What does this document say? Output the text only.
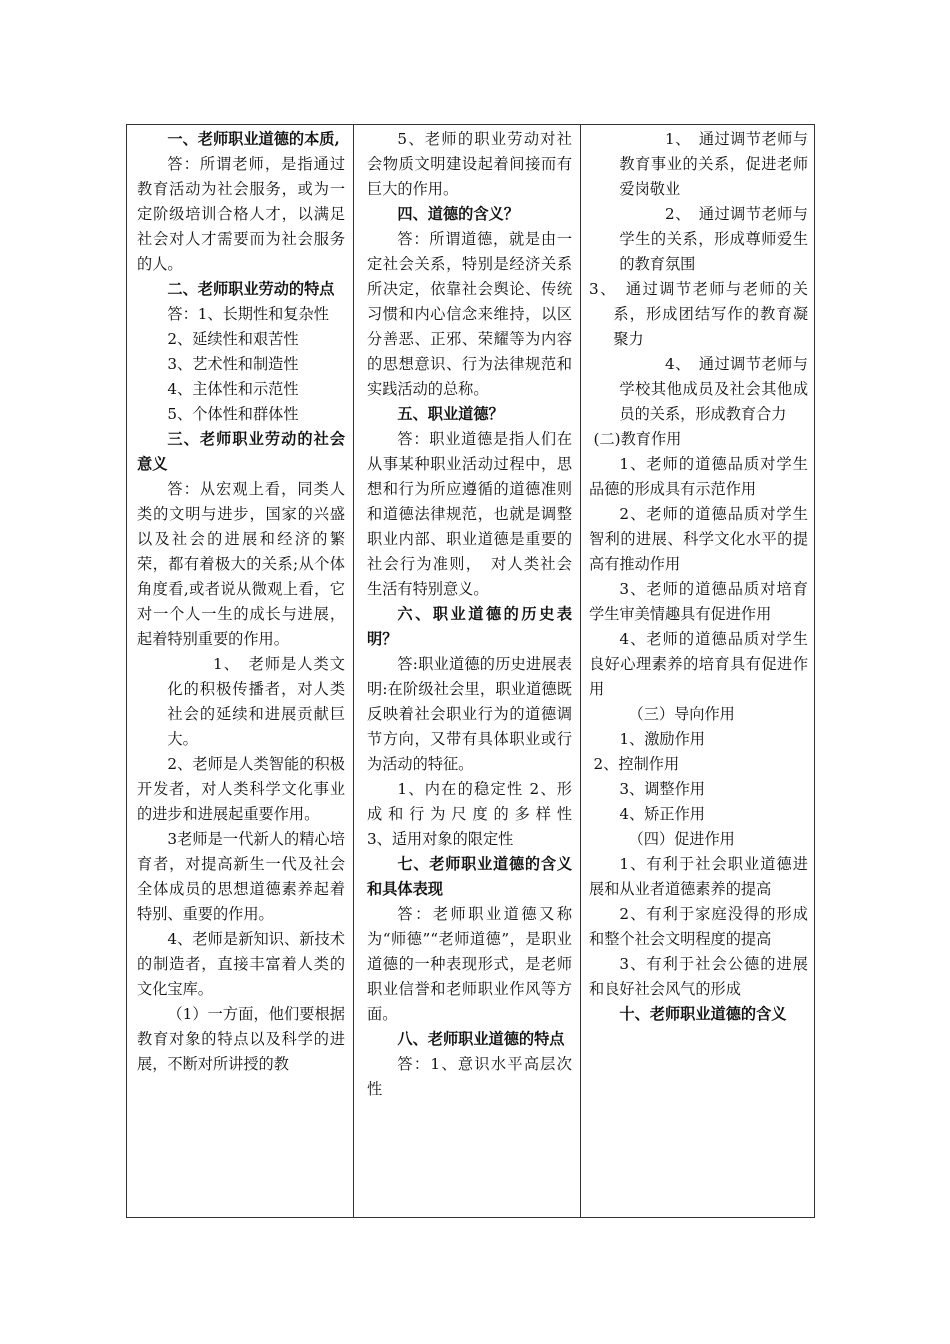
一、老师职业道德的本质,

答：所谓老师，是指通过教育活动为社会服务，或为一定阶级培训合格人才，以满足社会对人才需要而为社会服务的人。

二、老师职业劳动的特点

答：1、长期性和复杂性

2、延续性和艰苦性

3、艺术性和制造性

4、主体性和示范性

5、个体性和群体性

三、老师职业劳动的社会意义

答：从宏观上看，同类人类的文明与进步，国家的兴盛以及社会的进展和经济的繁荣，都有着极大的关系;从个体角度看,或者说从微观上看，它对一个人一生的成长与进展，起着特别重要的作用。

1、　老师是人类文化的积极传播者，对人类社会的延续和进展贡献巨大。

2、老师是人类智能的积极开发者，对人类科学文化事业的进步和进展起重要作用。

3老师是一代新人的精心培育者，对提高新生一代及社会全体成员的思想道德素养起着特别、重要的作用。

4、老师是新知识、新技术的制造者，直接丰富着人类的文化宝库。

（1）一方面，他们要根据教育对象的特点以及科学的进展，不断对所讲授的教

5、老师的职业劳动对社会物质文明建设起着间接而有巨大的作用。

四、道德的含义？

答：所谓道德，就是由一定社会关系，特别是经济关系所决定，依靠社会舆论、传统习惯和内心信念来维持，以区分善恶、正邪、荣耀等为内容的思想意识、行为法律规范和实践活动的总称。

五、职业道德？

答：职业道德是指人们在从事某种职业活动过程中，思想和行为所应遵循的道德准则和道德法律规范，也就是调整职业内部、职业道德是重要的社会行为准则，　对人类社会生活有特别意义。

六、职业道德的历史表明？

答:职业道德的历史进展表明:在阶级社会里，职业道德既反映着社会职业行为的道德调节方向，又带有具体职业或行为活动的特征。

1、内在的稳定性 2、形成和行为尺度的多样性　　3、适用对象的限定性

七、老师职业道德的含义和具体表现

答：老师职业道德又称为“师德”“老师道德”，是职业道德的一种表现形式，是老师职业信誉和老师职业作风等方面。

八、老师职业道德的特点

答：1、意识水平高层次性

1、　通过调节老师与教育事业的关系，促进老师爱岗敬业

2、　通过调节老师与学生的关系，形成尊师爱生的教育氛围

3、　通过调节老师与老师的关系，形成团结写作的教育凝聚力

4、　通过调节老师与学校其他成员及社会其他成员的关系，形成教育合力

(二)教育作用

1、老师的道德品质对学生品德的形成具有示范作用

2、老师的道德品质对学生智利的进展、科学文化水平的提高有推动作用

3、老师的道德品质对培育学生审美情趣具有促进作用

4、老师的道德品质对学生良好心理素养的培育具有促进作用

（三）导向作用

1、激励作用

2、控制作用

3、调整作用

4、矫正作用

（四）促进作用

1、有利于社会职业道德进展和从业者道德素养的提高

2、有利于家庭没得的形成和整个社会文明程度的提高

3、有利于社会公德的进展和良好社会风气的形成

十、老师职业道德的含义
